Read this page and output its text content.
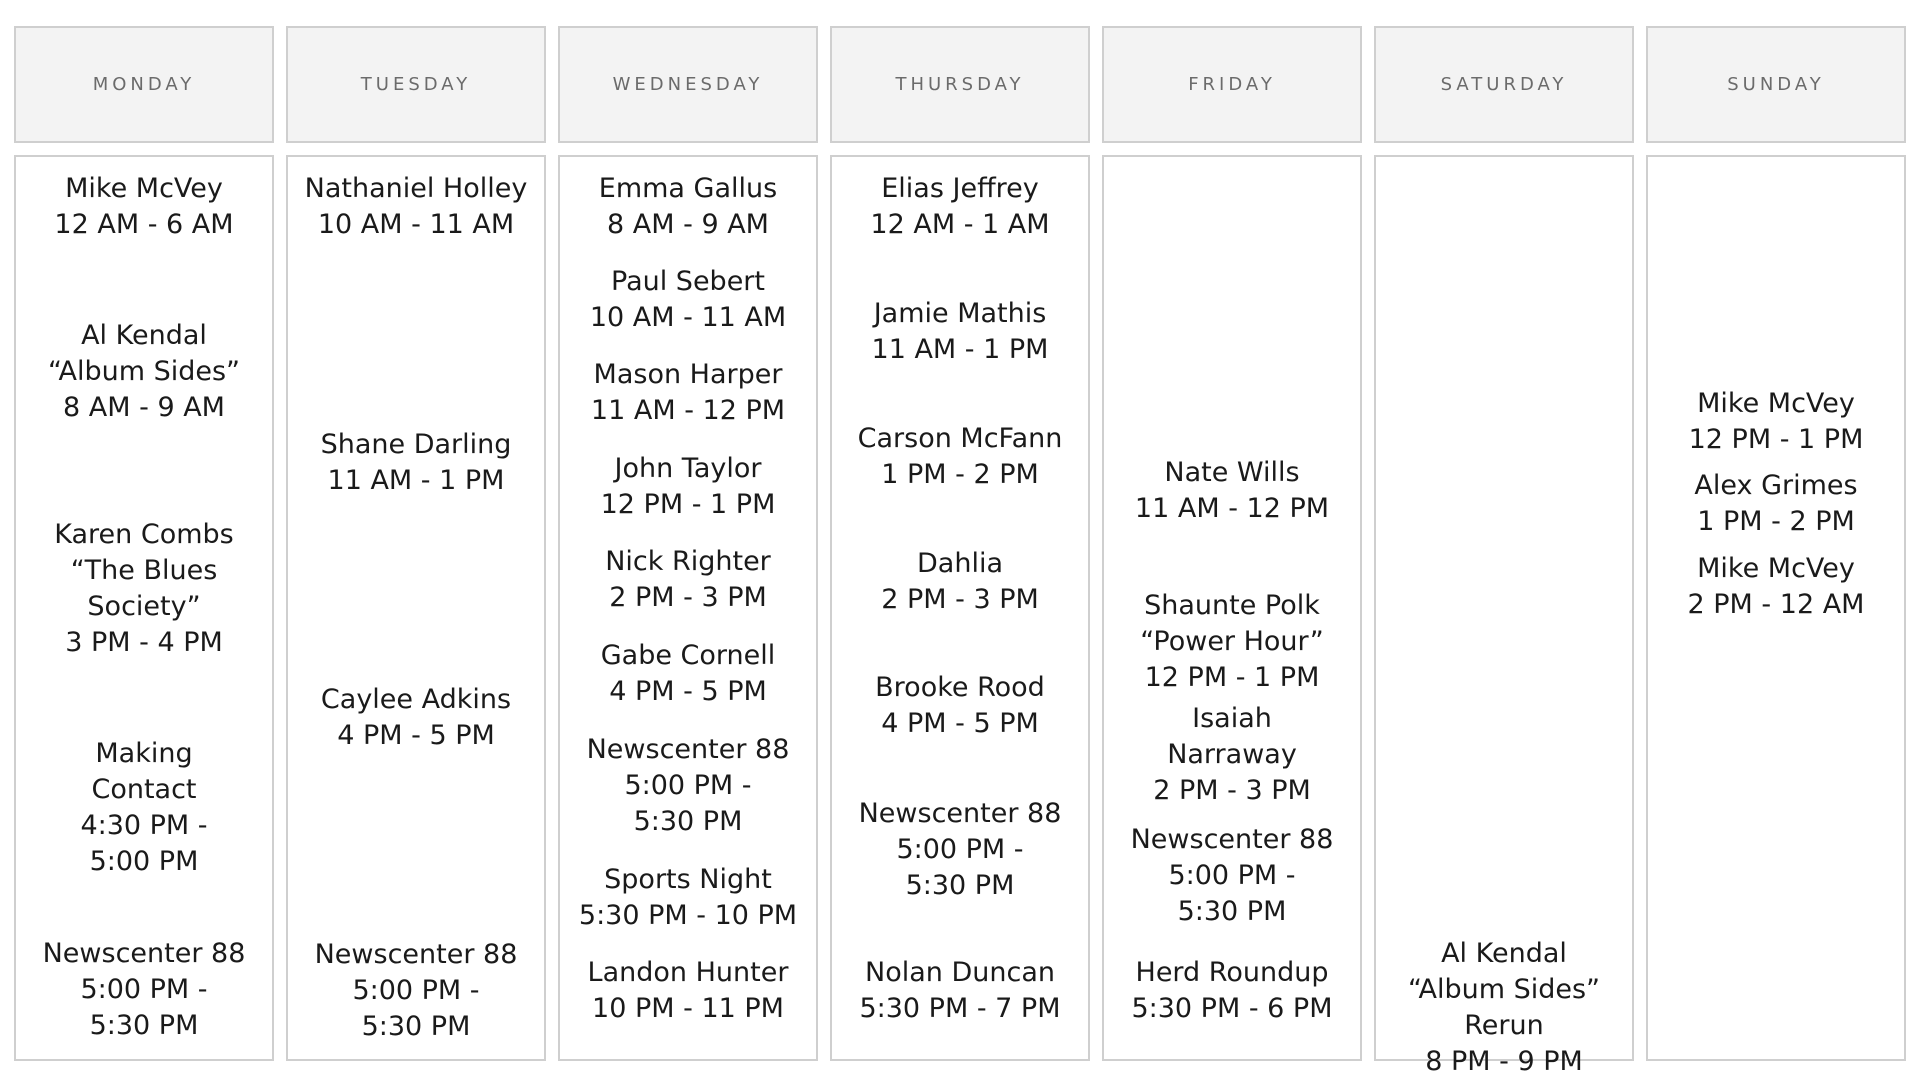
MONDAY
Mike McVey
12 AM - 6 AM
Al Kendal
“Album Sides”
8 AM - 9 AM
Karen Combs
“The Blues
Society”
3 PM - 4 PM
Making
Contact
4:30 PM -
5:00 PM
Newscenter 88
5:00 PM -
5:30 PM
TUESDAY
Nathaniel Holley
10 AM - 11 AM
Shane Darling
11 AM - 1 PM
Caylee Adkins
4 PM - 5 PM
Newscenter 88
5:00 PM -
5:30 PM
WEDNESDAY
Emma Gallus
8 AM - 9 AM
Paul Sebert
10 AM - 11 AM
Mason Harper
11 AM - 12 PM
John Taylor
12 PM - 1 PM
Nick Righter
2 PM - 3 PM
Gabe Cornell
4 PM - 5 PM
Newscenter 88
5:00 PM -
5:30 PM
Sports Night
5:30 PM - 10 PM
Landon Hunter
10 PM - 11 PM
THURSDAY
Elias Jeffrey
12 AM - 1 AM
Jamie Mathis
11 AM - 1 PM
Carson McFann
1 PM - 2 PM
Dahlia
2 PM - 3 PM
Brooke Rood
4 PM - 5 PM
Newscenter 88
5:00 PM -
5:30 PM
Nolan Duncan
5:30 PM - 7 PM
FRIDAY
Nate Wills
11 AM - 12 PM
Shaunte Polk
“Power Hour”
12 PM - 1 PM
Isaiah
Narraway
2 PM - 3 PM
Newscenter 88
5:00 PM -
5:30 PM
Herd Roundup
5:30 PM - 6 PM
SATURDAY
Al Kendal
“Album Sides”
Rerun
8 PM - 9 PM
SUNDAY
Mike McVey
12 PM - 1 PM
Alex Grimes
1 PM - 2 PM
Mike McVey
2 PM - 12 AM
